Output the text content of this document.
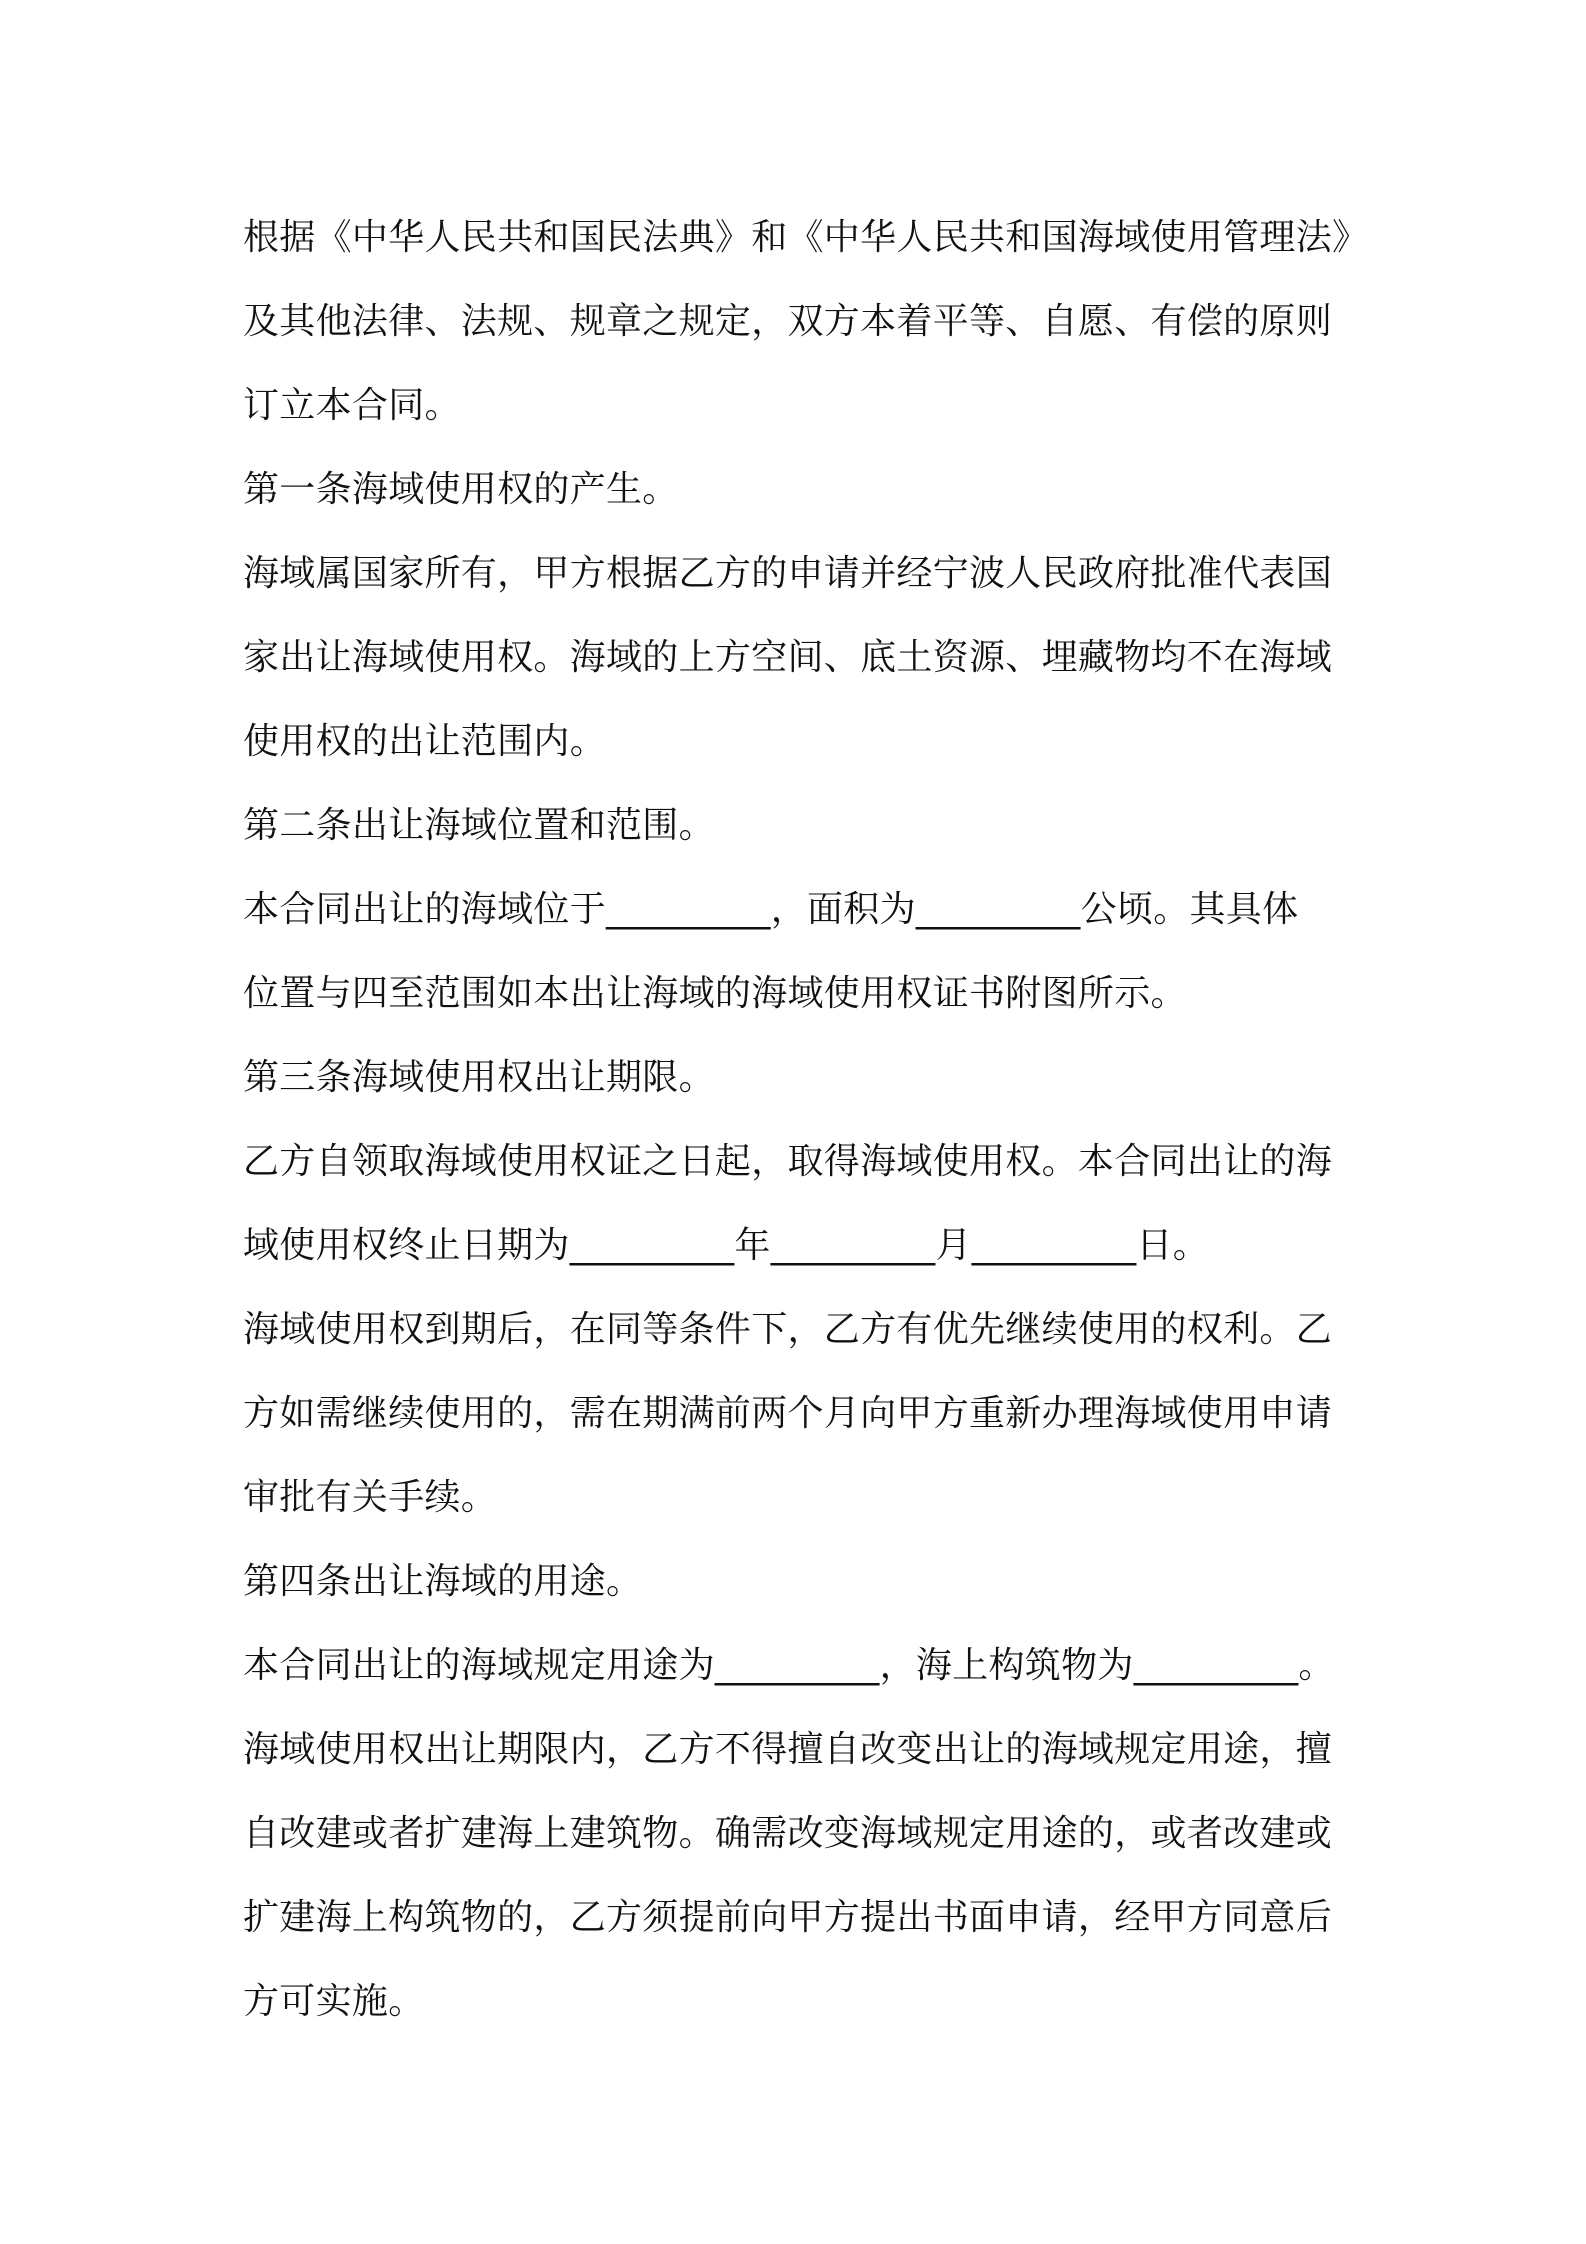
根据《中华人民共和国民法典》和《中华人民共和国海域使用管理法》
及其他法律、法规、规章之规定，双方本着平等、自愿、有偿的原则
订立本合同。
第一条海域使用权的产生。
海域属国家所有，甲方根据乙方的申请并经宁波人民政府批准代表国
家出让海域使用权。海域的上方空间、底土资源、埋藏物均不在海域
使用权的出让范围内。
第二条出让海域位置和范围。
本合同出让的海域位于_________，面积为_________公顷。其具体
位置与四至范围如本出让海域的海域使用权证书附图所示。
第三条海域使用权出让期限。
乙方自领取海域使用权证之日起，取得海域使用权。本合同出让的海
域使用权终止日期为_________年_________月_________日。
海域使用权到期后，在同等条件下，乙方有优先继续使用的权利。乙
方如需继续使用的，需在期满前两个月向甲方重新办理海域使用申请
审批有关手续。
第四条出让海域的用途。
本合同出让的海域规定用途为_________，海上构筑物为_________。
海域使用权出让期限内，乙方不得擅自改变出让的海域规定用途，擅
自改建或者扩建海上建筑物。确需改变海域规定用途的，或者改建或
扩建海上构筑物的，乙方须提前向甲方提出书面申请，经甲方同意后
方可实施。
